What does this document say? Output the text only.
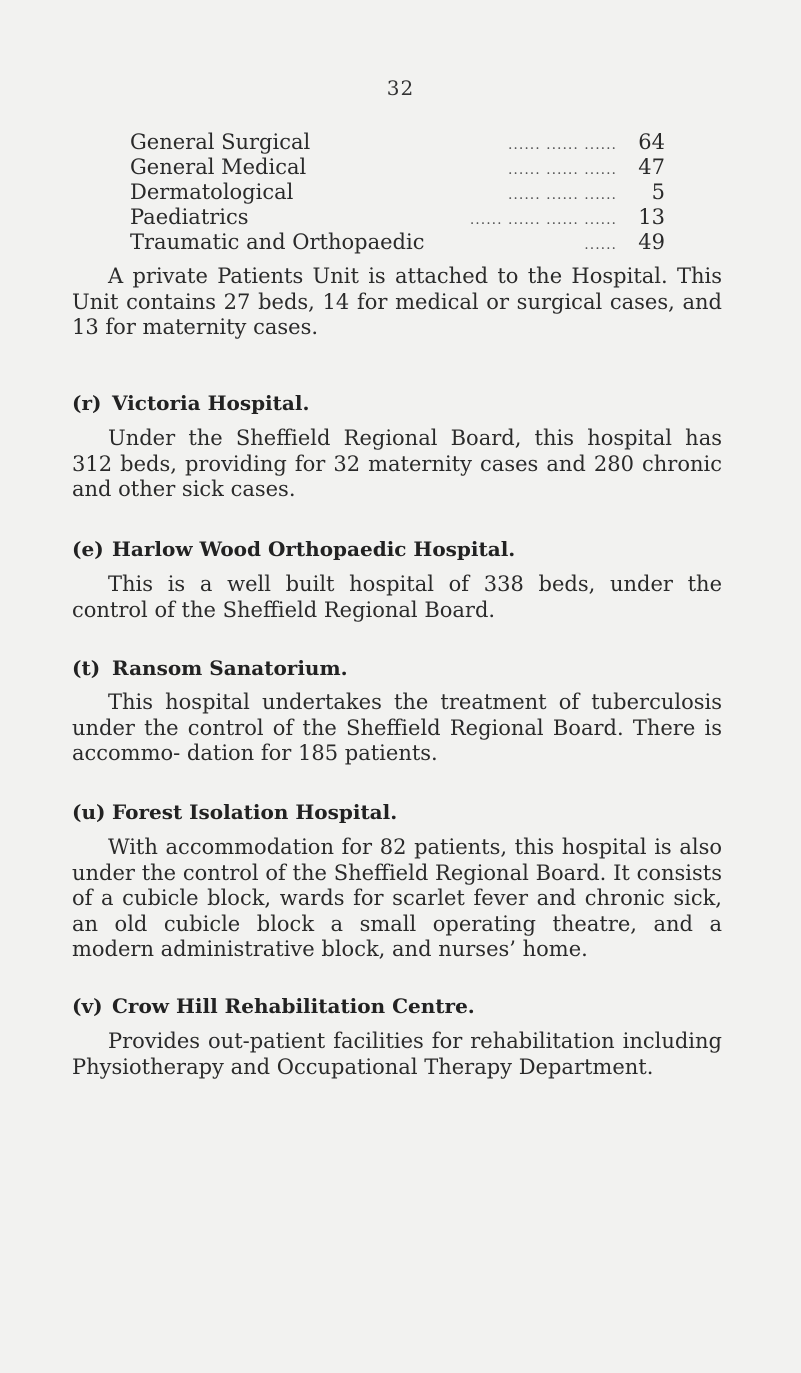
32
General Surgical	...... ...... ......	64
General Medical	...... ...... ......	47
Dermatological	...... ...... ......	5
Paediatrics	...... ...... ...... ......	13
Traumatic and Orthopaedic	......	49

A private Patients Unit is attached to the Hospital. This Unit contains 27 beds, 14 for medical or surgical cases, and 13 for maternity cases.

(r) Victoria Hospital.

Under the Sheffield Regional Board, this hospital has 312 beds, providing for 32 maternity cases and 280 chronic and other sick cases.

(e) Harlow Wood Orthopaedic Hospital.

This is a well built hospital of 338 beds, under the control of the Sheffield Regional Board.

(t) Ransom Sanatorium.

This hospital undertakes the treatment of tuberculosis under the control of the Sheffield Regional Board. There is accommo- dation for 185 patients.

(u) Forest Isolation Hospital.

With accommodation for 82 patients, this hospital is also under the control of the Sheffield Regional Board. It consists of a cubicle block, wards for scarlet fever and chronic sick, an old cubicle block a small operating theatre, and a modern administrative block, and nurses’ home.

(v) Crow Hill Rehabilitation Centre.

Provides out-patient facilities for rehabilitation including Physiotherapy and Occupational Therapy Department.
